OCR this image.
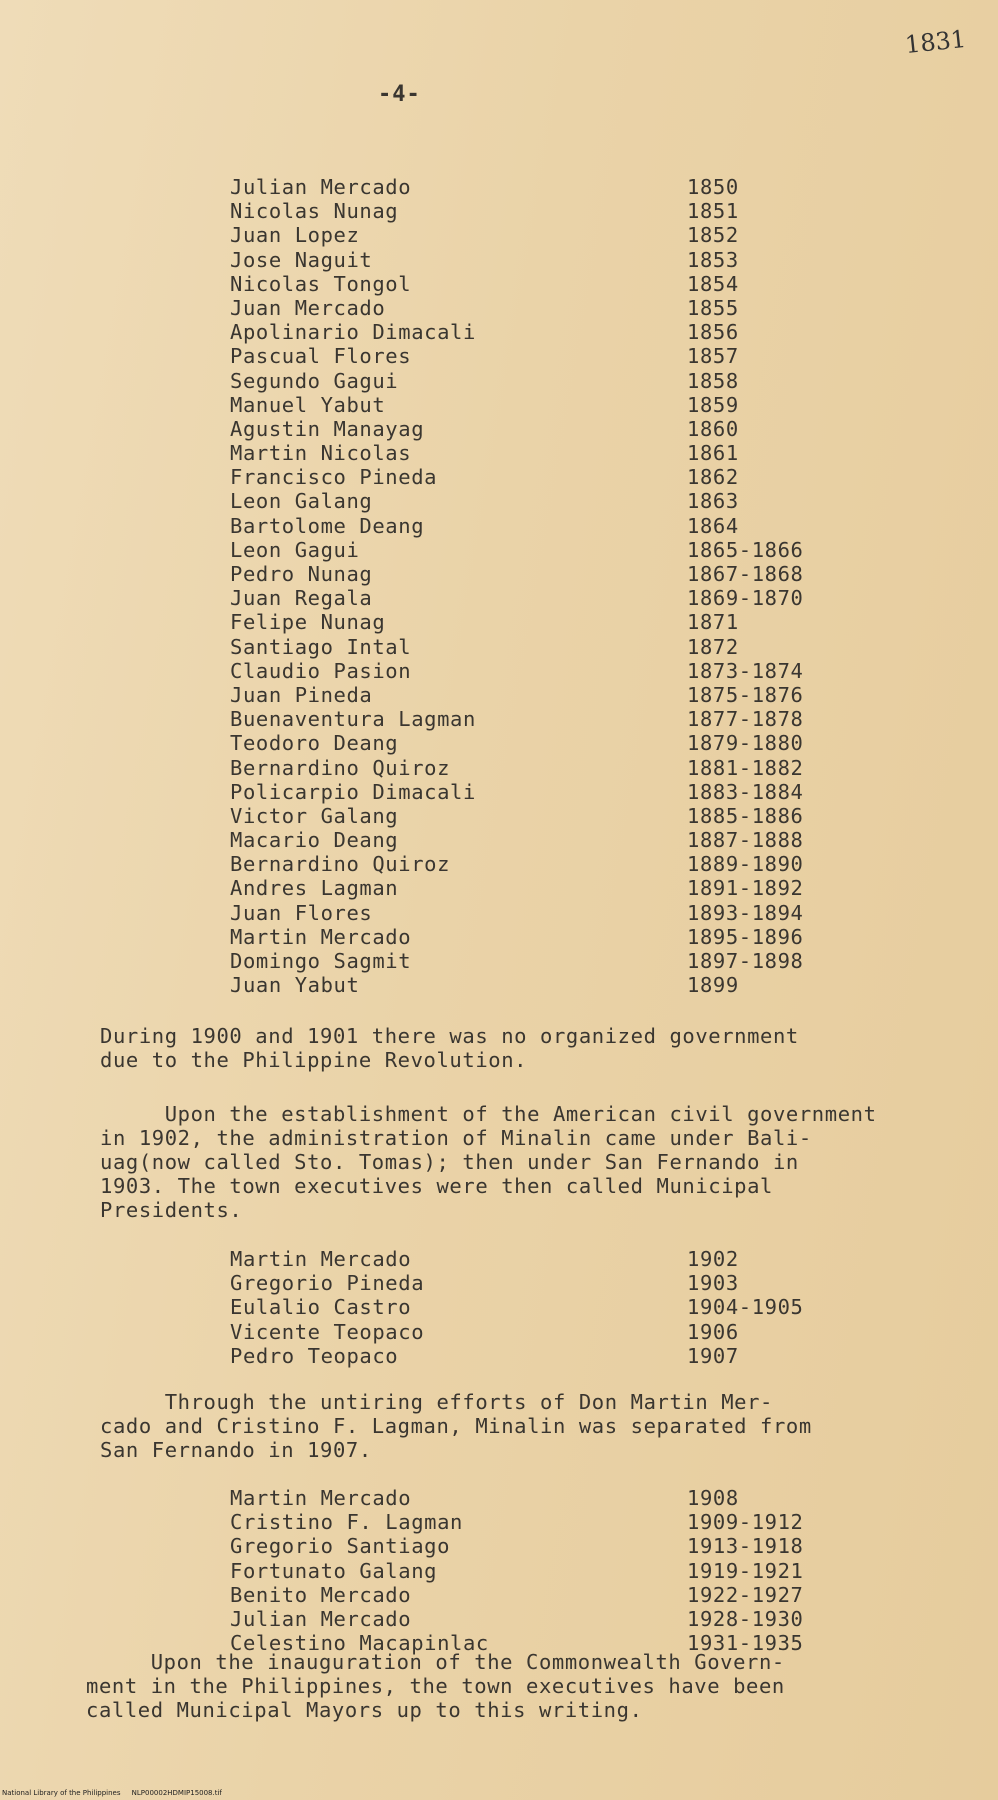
1831
-4-
Julian Mercado	1850
Nicolas Nunag	1851
Juan Lopez	1852
Jose Naguit	1853
Nicolas Tongol	1854
Juan Mercado	1855
Apolinario Dimacali	1856
Pascual Flores	1857
Segundo Gagui	1858
Manuel Yabut	1859
Agustin Manayag	1860
Martin Nicolas	1861
Francisco Pineda	1862
Leon Galang	1863
Bartolome Deang	1864
Leon Gagui	1865-1866
Pedro Nunag	1867-1868
Juan Regala	1869-1870
Felipe Nunag	1871
Santiago Intal	1872
Claudio Pasion	1873-1874
Juan Pineda	1875-1876
Buenaventura Lagman	1877-1878
Teodoro Deang	1879-1880
Bernardino Quiroz	1881-1882
Policarpio Dimacali	1883-1884
Victor Galang	1885-1886
Macario Deang	1887-1888
Bernardino Quiroz	1889-1890
Andres Lagman	1891-1892
Juan Flores	1893-1894
Martin Mercado	1895-1896
Domingo Sagmit	1897-1898
Juan Yabut	1899
During 1900 and 1901 there was no organized government
due to the Philippine Revolution.
Upon the establishment of the American civil government
in 1902, the administration of Minalin came under Bali-
uag(now called Sto. Tomas); then under San Fernando in
1903. The town executives were then called Municipal
Presidents.
Martin Mercado	1902
Gregorio Pineda	1903
Eulalio Castro	1904-1905
Vicente Teopaco	1906
Pedro Teopaco	1907
Through the untiring efforts of Don Martin Mer-
cado and Cristino F. Lagman, Minalin was separated from
San Fernando in 1907.
Martin Mercado	1908
Cristino F. Lagman	1909-1912
Gregorio Santiago	1913-1918
Fortunato Galang	1919-1921
Benito Mercado	1922-1927
Julian Mercado	1928-1930
Celestino Macapinlac	1931-1935
Upon the inauguration of the Commonwealth Govern-
ment in the Philippines, the town executives have been
called Municipal Mayors up to this writing.
National Library of the Philippines NLP00002HDMIP15008.tif
